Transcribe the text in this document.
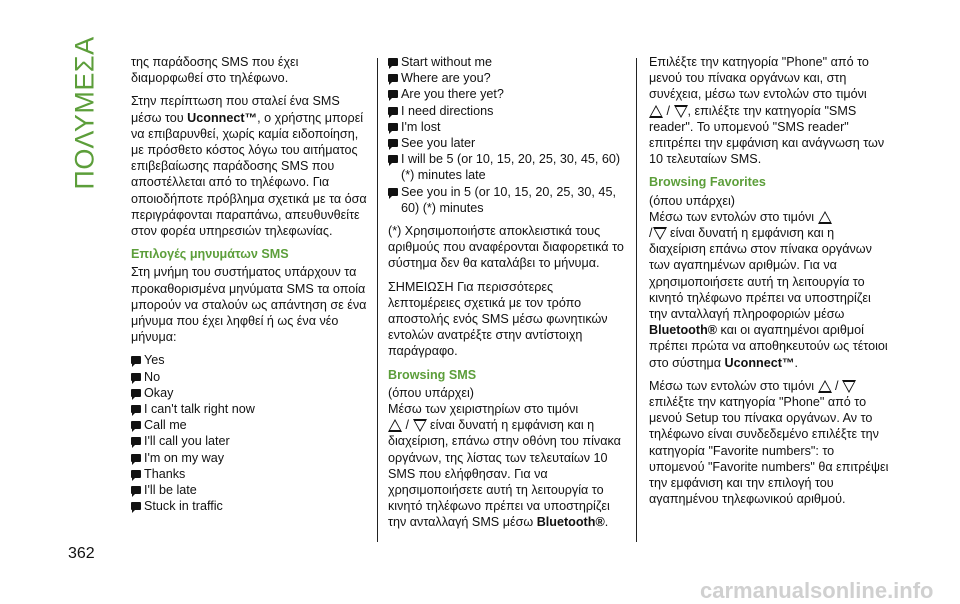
ΠΟΛΥΜΕΣΑ
362
carmanualsonline.info

της παράδοσης SMS που έχει διαμορφωθεί στο τηλέφωνο.

Στην περίπτωση που σταλεί ένα SMS μέσω του Uconnect™, ο χρήστης μπορεί να επιβαρυνθεί, χωρίς καμία ειδοποίηση, με πρόσθετο κόστος λόγω του αιτήματος επιβεβαίωσης παράδοσης SMS που αποστέλλεται από το τηλέφωνο. Για οποιοδήποτε πρόβλημα σχετικά με τα όσα περιγράφονται παραπάνω, απευθυνθείτε στον φορέα υπηρεσιών τηλεφωνίας.

Επιλογές μηνυμάτων SMS

Στη μνήμη του συστήματος υπάρχουν τα προκαθορισμένα μηνύματα SMS τα οποία μπορούν να σταλούν ως απάντηση σε ένα μήνυμα που έχει ληφθεί ή ως ένα νέο μήνυμα:

Yes
No
Okay
I can't talk right now
Call me
I'll call you later
I'm on my way
Thanks
I'll be late
Stuck in traffic
Start without me
Where are you?
Are you there yet?
I need directions
I'm lost
See you later
I will be 5 (or 10, 15, 20, 25, 30, 45, 60) (*) minutes late
See you in 5 (or 10, 15, 20, 25, 30, 45, 60) (*) minutes

(*) Χρησιμοποιήστε αποκλειστικά τους αριθμούς που αναφέρονται διαφορετικά το σύστημα δεν θα καταλάβει το μήνυμα.

ΣΗΜΕΙΩΣΗ Για περισσότερες λεπτομέρειες σχετικά με τον τρόπο αποστολής ενός SMS μέσω φωνητικών εντολών ανατρέξτε στην αντίστοιχη παράγραφο.

Browsing SMS

(όπου υπάρχει)

Μέσω των χειριστηρίων στο τιμόνι
/  είναι δυνατή η εμφάνιση και η διαχείριση, επάνω στην οθόνη του πίνακα οργάνων, της λίστας των τελευταίων 10 SMS που ελήφθησαν. Για να χρησιμοποιήσετε αυτή τη λειτουργία το κινητό τηλέφωνο πρέπει να υποστηρίζει την ανταλλαγή SMS μέσω Bluetooth®.

Επιλέξτε την κατηγορία "Phone" από το μενού του πίνακα οργάνων και, στη συνέχεια, μέσω των εντολών στο τιμόνι
/ , επιλέξτε την κατηγορία "SMS reader". Το υπομενού "SMS reader" επιτρέπει την εμφάνιση και ανάγνωση των 10 τελευταίων SMS.

Browsing Favorites

(όπου υπάρχει)

Μέσω των εντολών στο τιμόνι
/ είναι δυνατή η εμφάνιση και η διαχείριση επάνω στον πίνακα οργάνων των αγαπημένων αριθμών. Για να χρησιμοποιήσετε αυτή τη λειτουργία το κινητό τηλέφωνο πρέπει να υποστηρίζει την ανταλλαγή πληροφοριών μέσω Bluetooth® και οι αγαπημένοι αριθμοί πρέπει πρώτα να αποθηκευτούν ως τέτοιοι στο σύστημα Uconnect™.

Μέσω των εντολών στο τιμόνι  /  επιλέξτε την κατηγορία "Phone" από το μενού Setup του πίνακα οργάνων. Αν το τηλέφωνο είναι συνδεδεμένο επιλέξτε την κατηγορία "Favorite numbers": το υπομενού "Favorite numbers" θα επιτρέψει την εμφάνιση και την επιλογή του αγαπημένου τηλεφωνικού αριθμού.
